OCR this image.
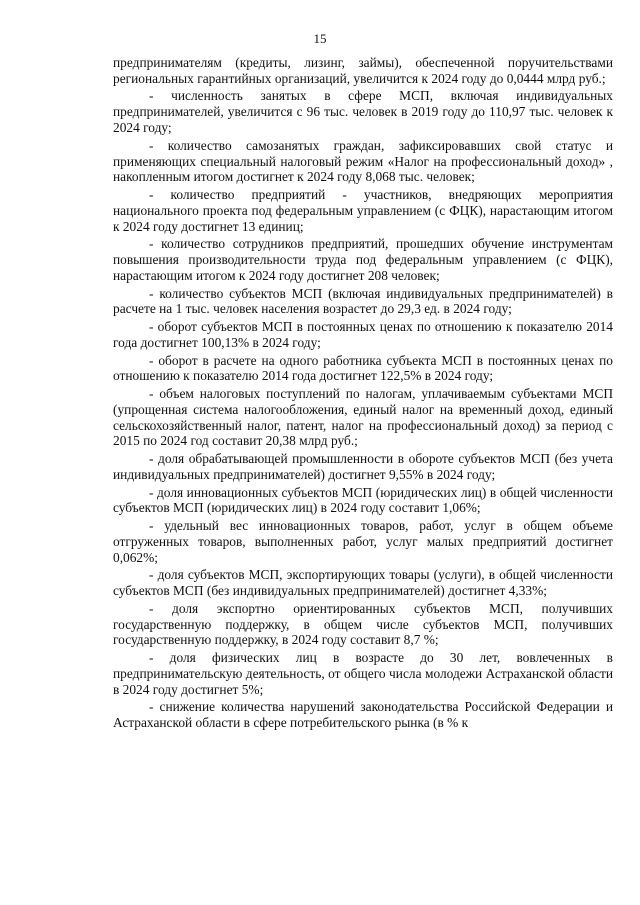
15

предпринимателям (кредиты, лизинг, займы), обеспеченной поручительствами региональных гарантийных организаций, увеличится к 2024 году до 0,0444 млрд руб.;

- численность занятых в сфере МСП, включая индивидуальных предпринимателей, увеличится с 96 тыс. человек в 2019 году до 110,97 тыс. человек к 2024 году;

- количество самозанятых граждан, зафиксировавших свой статус и применяющих специальный налоговый режим «Налог на профессиональный доход» , накопленным итогом достигнет к 2024 году 8,068 тыс. человек;

- количество предприятий - участников, внедряющих мероприятия национального проекта под федеральным управлением (с ФЦК), нарастающим итогом к 2024 году достигнет 13 единиц;

- количество сотрудников предприятий, прошедших обучение инструментам повышения производительности труда под федеральным управлением (с ФЦК), нарастающим итогом к 2024 году достигнет 208 человек;

- количество субъектов МСП (включая индивидуальных предпринимателей) в расчете на 1 тыс. человек населения возрастет до 29,3 ед. в 2024 году;

- оборот субъектов МСП в постоянных ценах по отношению к показателю 2014 года достигнет 100,13% в 2024 году;

- оборот в расчете на одного работника субъекта МСП в постоянных ценах по отношению к показателю 2014 года достигнет 122,5% в 2024 году;

- объем налоговых поступлений по налогам, уплачиваемым субъектами МСП (упрощенная система налогообложения, единый налог на временный доход, единый сельскохозяйственный налог, патент, налог на профессиональный доход) за период с 2015 по 2024 год составит 20,38 млрд руб.;

- доля обрабатывающей промышленности в обороте субъектов МСП (без учета индивидуальных предпринимателей) достигнет 9,55% в 2024 году;

- доля инновационных субъектов МСП (юридических лиц) в общей численности субъектов МСП (юридических лиц) в 2024 году составит 1,06%;

- удельный вес инновационных товаров, работ, услуг в общем объеме отгруженных товаров, выполненных работ, услуг малых предприятий достигнет 0,062%;

- доля субъектов МСП, экспортирующих товары (услуги), в общей численности субъектов МСП (без индивидуальных предпринимателей) достигнет 4,33%;

- доля экспортно ориентированных субъектов МСП, получивших государственную поддержку, в общем числе субъектов МСП, получивших государственную поддержку, в 2024 году составит 8,7 %;

- доля физических лиц в возрасте до 30 лет, вовлеченных в предпринимательскую деятельность, от общего числа молодежи Астраханской области в 2024 году достигнет 5%;

- снижение количества нарушений законодательства Российской Федерации и Астраханской области в сфере потребительского рынка (в % к
